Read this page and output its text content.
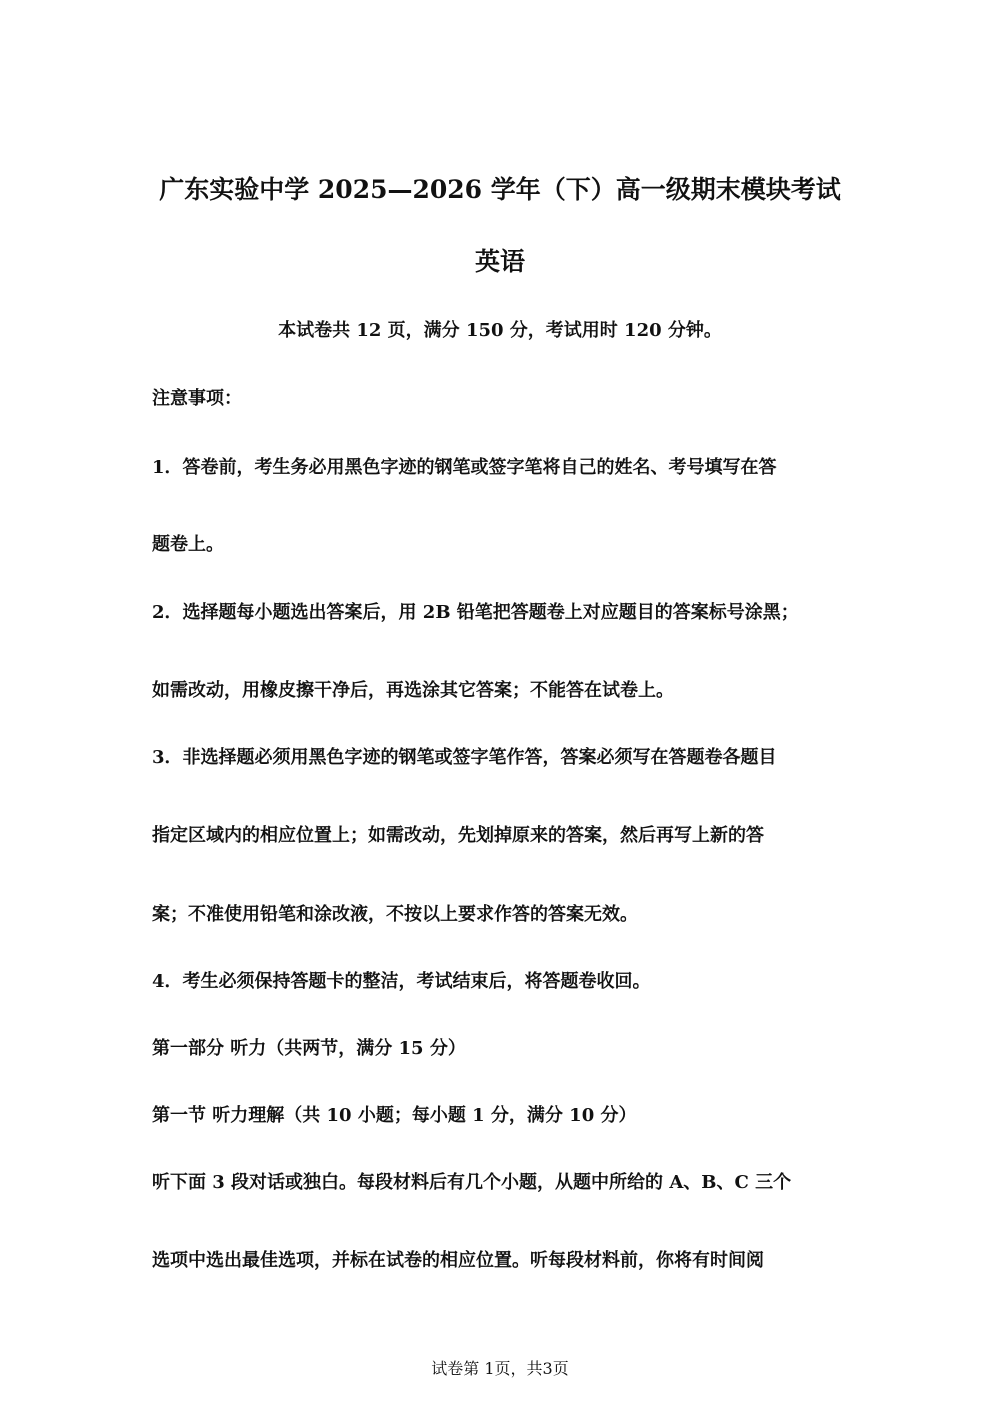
广东实验中学 2025—2026 学年（下）高一级期末模块考试
英语
本试卷共 12 页，满分 150 分，考试用时 120 分钟。
注意事项：
1．答卷前，考生务必用黑色字迹的钢笔或签字笔将自己的姓名、考号填写在答
题卷上。
2．选择题每小题选出答案后，用 2B 铅笔把答题卷上对应题目的答案标号涂黑；
如需改动，用橡皮擦干净后，再选涂其它答案；不能答在试卷上。
3．非选择题必须用黑色字迹的钢笔或签字笔作答，答案必须写在答题卷各题目
指定区域内的相应位置上；如需改动，先划掉原来的答案，然后再写上新的答
案；不准使用铅笔和涂改液，不按以上要求作答的答案无效。
4．考生必须保持答题卡的整洁，考试结束后，将答题卷收回。
第一部分 听力（共两节，满分 15 分）
第一节 听力理解（共 10 小题；每小题 1 分，满分 10 分）
听下面 3 段对话或独白。每段材料后有几个小题，从题中所给的 A、B、C 三个
选项中选出最佳选项，并标在试卷的相应位置。听每段材料前，你将有时间阅
试卷第 1页，共3页
